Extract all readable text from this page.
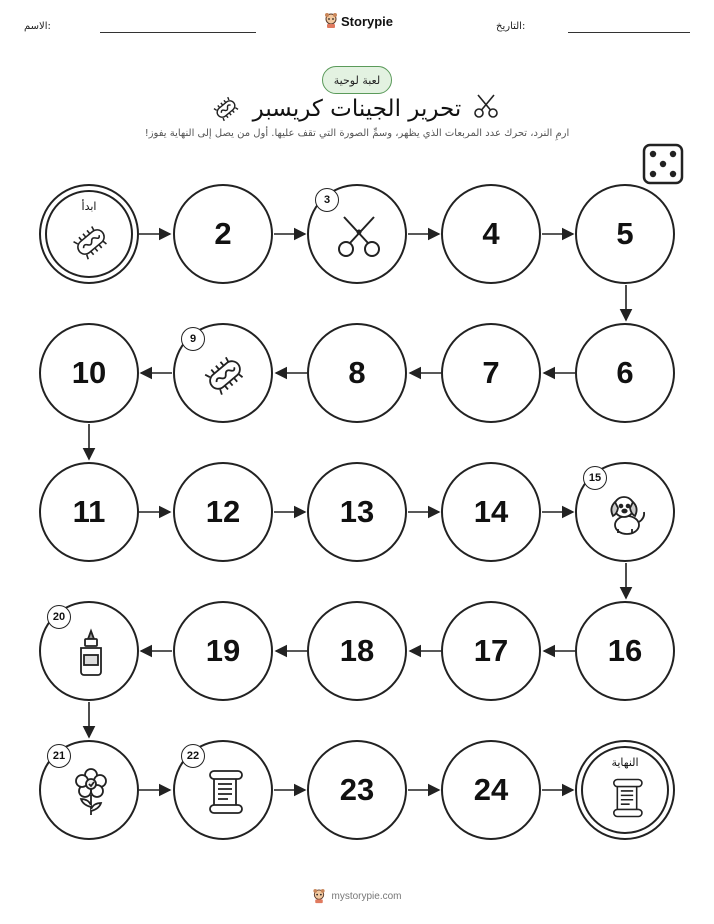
الاسم:	Storypie	التاريخ:
لعبة لوحية
تحرير الجينات كريسبر
ارمِ النرد، تحرك عدد المربعات الذي يظهر، وسمِّ الصورة التي تقف عليها. أول من يصل إلى النهاية يفوز!
ابدأ
2
3
4	5
6
7
8
9
10
11	12	13	14
15
16
17
18
19
20
21	22
23	24
النهاية
mystorypie.com
